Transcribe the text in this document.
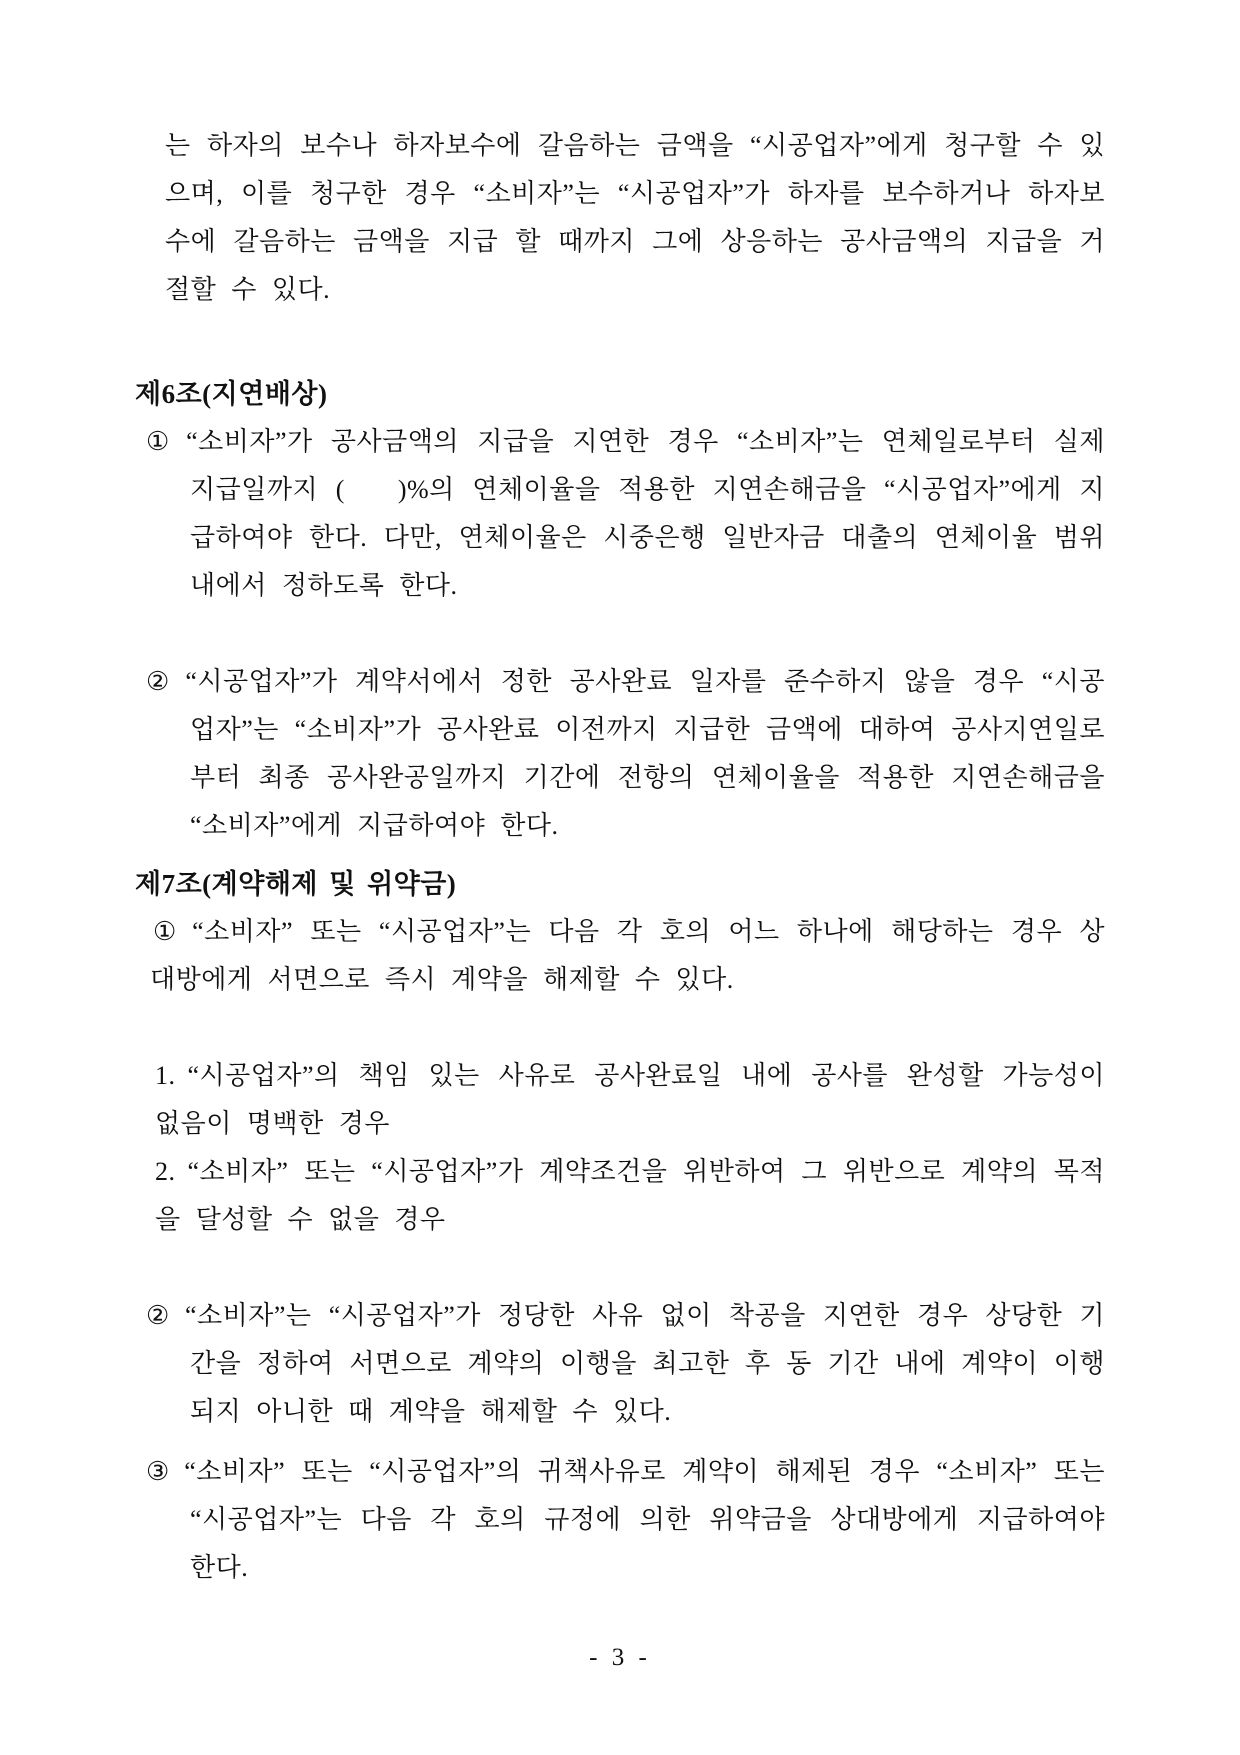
는 하자의 보수나 하자보수에 갈음하는 금액을 “시공업자”에게 청구할 수 있으며, 이를 청구한 경우 “소비자”는 “시공업자”가 하자를 보수하거나 하자보수에 갈음하는 금액을 지급 할 때까지 그에 상응하는 공사금액의 지급을 거절할 수 있다.

제6조(지연배상)

① “소비자”가 공사금액의 지급을 지연한 경우 “소비자”는 연체일로부터 실제 지급일까지 (   )%의 연체이율을 적용한 지연손해금을 “시공업자”에게 지급하여야 한다. 다만, 연체이율은 시중은행 일반자금 대출의 연체이율 범위내에서 정하도록 한다.

② “시공업자”가 계약서에서 정한 공사완료 일자를 준수하지 않을 경우 “시공업자”는 “소비자”가 공사완료 이전까지 지급한 금액에 대하여 공사지연일로부터 최종 공사완공일까지 기간에 전항의 연체이율을 적용한 지연손해금을 “소비자”에게 지급하여야 한다.

제7조(계약해제 및 위약금)

① “소비자” 또는 “시공업자”는 다음 각 호의 어느 하나에 해당하는 경우 상대방에게 서면으로 즉시 계약을 해제할 수 있다.

1. “시공업자”의 책임 있는 사유로 공사완료일 내에 공사를 완성할 가능성이 없음이 명백한 경우

2. “소비자” 또는 “시공업자”가 계약조건을 위반하여 그 위반으로 계약의 목적을 달성할 수 없을 경우

② “소비자”는 “시공업자”가 정당한 사유 없이 착공을 지연한 경우 상당한 기간을 정하여 서면으로 계약의 이행을 최고한 후 동 기간 내에 계약이 이행되지 아니한 때 계약을 해제할 수 있다.

③ “소비자” 또는 “시공업자”의 귀책사유로 계약이 해제된 경우 “소비자” 또는 “시공업자”는 다음 각 호의 규정에 의한 위약금을 상대방에게 지급하여야 한다.

- 3 -
